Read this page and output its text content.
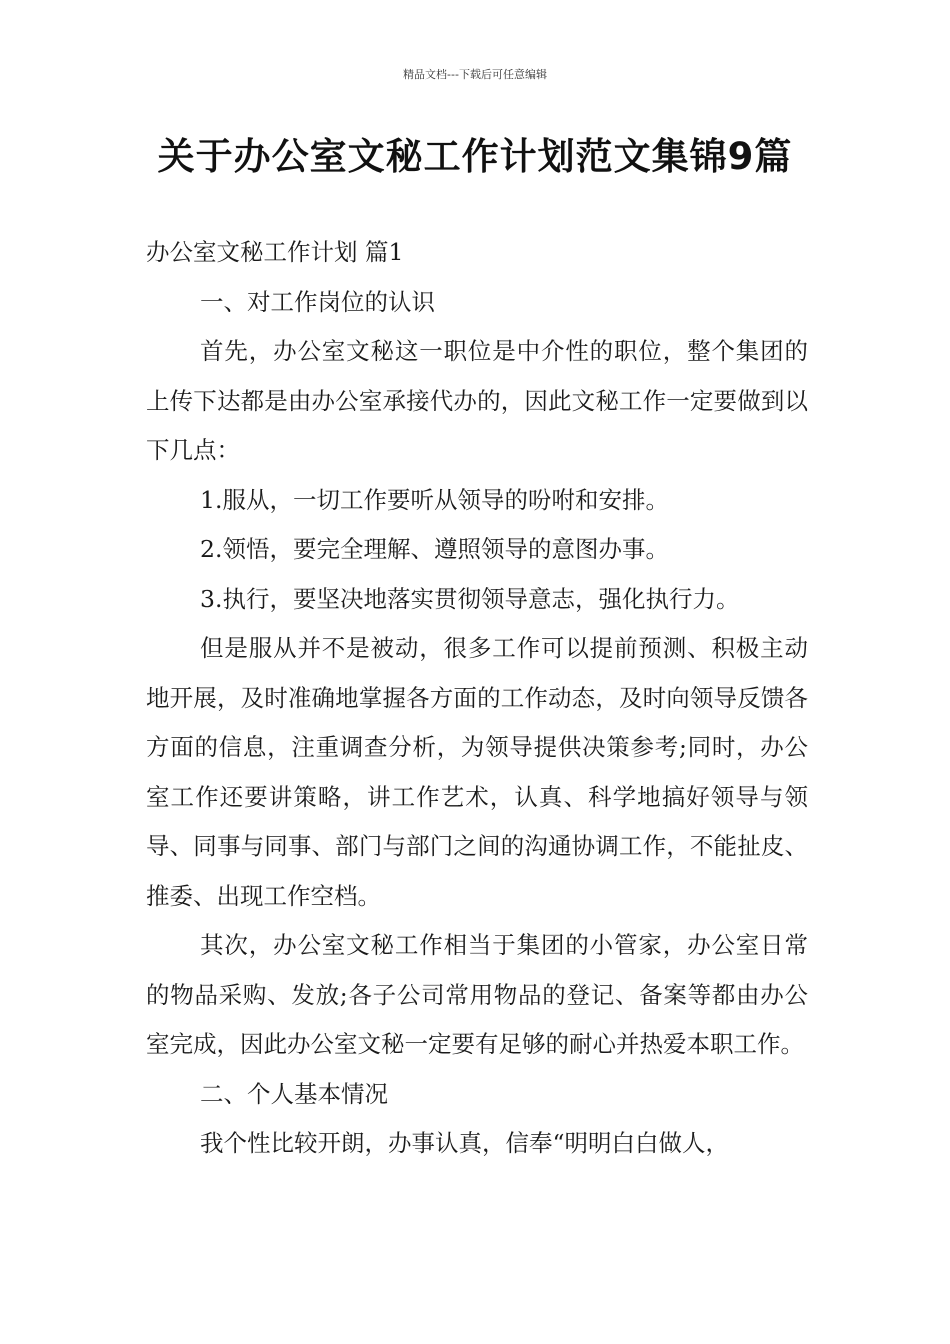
精品文档---下载后可任意编辑
关于办公室文秘工作计划范文集锦9篇

办公室文秘工作计划 篇1

一、对工作岗位的认识

首先，办公室文秘这一职位是中介性的职位，整个集团的上传下达都是由办公室承接代办的，因此文秘工作一定要做到以下几点：

1.服从，一切工作要听从领导的吩咐和安排。

2.领悟，要完全理解、遵照领导的意图办事。

3.执行，要坚决地落实贯彻领导意志，强化执行力。

但是服从并不是被动，很多工作可以提前预测、积极主动地开展，及时准确地掌握各方面的工作动态，及时向领导反馈各方面的信息，注重调查分析，为领导提供决策参考;同时，办公室工作还要讲策略，讲工作艺术，认真、科学地搞好领导与领导、同事与同事、部门与部门之间的沟通协调工作，不能扯皮、推委、出现工作空档。

其次，办公室文秘工作相当于集团的小管家，办公室日常的物品采购、发放;各子公司常用物品的登记、备案等都由办公室完成，因此办公室文秘一定要有足够的耐心并热爱本职工作。

二、个人基本情况

我个性比较开朗，办事认真，信奉“明明白白做人，
